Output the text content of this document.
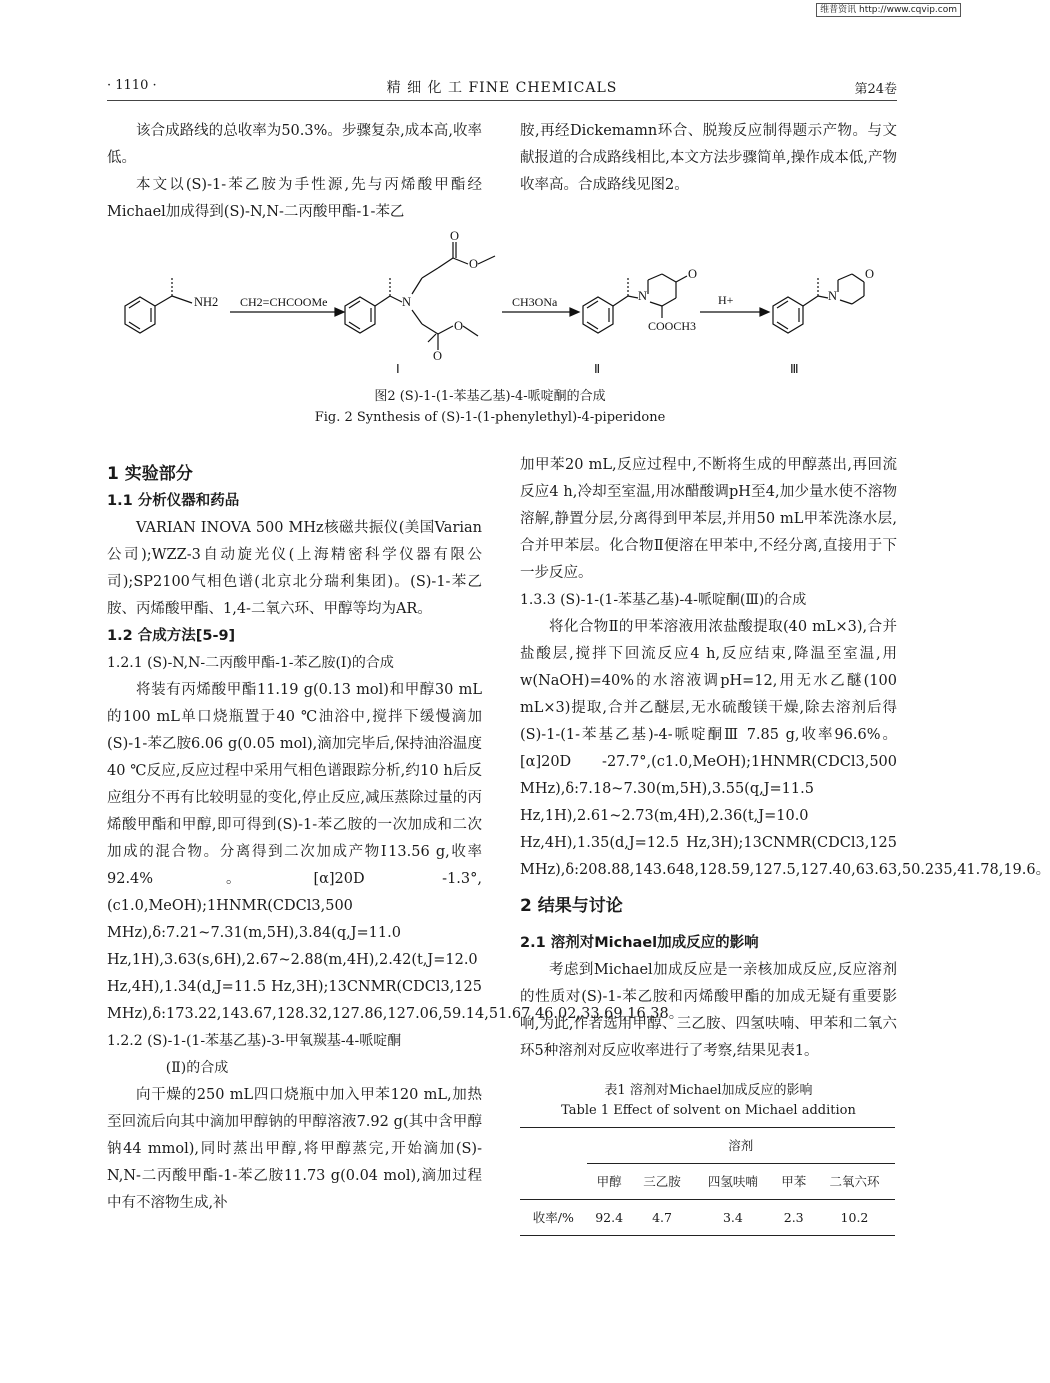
维普资讯 http://www.cqvip.com
· 1110 ·	精 细 化 工 FINE CHEMICALS	第24卷

该合成路线的总收率为50.3%。步骤复杂,成本高,收率低。

本文以(S)-1-苯乙胺为手性源,先与丙烯酸甲酯经Michael加成得到(S)-N,N-二丙酸甲酯-1-苯乙

胺,再经Dickemamn环合、脱羧反应制得题示产物。与文献报道的合成路线相比,本文方法步骤简单,操作成本低,产物收率高。合成路线见图2。

NH2 CH2=CHCOOMe	N
O
O
O
O
CH3ONa	N
O
COOCH3
H+	N
O
Ⅰ	Ⅱ	Ⅲ
图2 (S)-1-(1-苯基乙基)-4-哌啶酮的合成
Fig. 2 Synthesis of (S)-1-(1-phenylethyl)-4-piperidone

1 实验部分

1.1 分析仪器和药品

VARIAN INOVA 500 MHz核磁共振仪(美国Varian公司);WZZ-3自动旋光仪(上海精密科学仪器有限公司);SP2100气相色谱(北京北分瑞利集团)。(S)-1-苯乙胺、丙烯酸甲酯、1,4-二氧六环、甲醇等均为AR。

1.2 合成方法[5-9]

1.2.1 (S)-N,N-二丙酸甲酯-1-苯乙胺(Ⅰ)的合成

将装有丙烯酸甲酯11.19 g(0.13 mol)和甲醇30 mL的100 mL单口烧瓶置于40 ℃油浴中,搅拌下缓慢滴加(S)-1-苯乙胺6.06 g(0.05 mol),滴加完毕后,保持油浴温度40 ℃反应,反应过程中采用气相色谱跟踪分析,约10 h后反应组分不再有比较明显的变化,停止反应,减压蒸除过量的丙烯酸甲酯和甲醇,即可得到(S)-1-苯乙胺的一次加成和二次加成的混合物。分离得到二次加成产物Ⅰ13.56 g,收率92.4%。[α]20D -1.3°,(c1.0,MeOH);1HNMR(CDCl3,500 MHz),δ:7.21~7.31(m,5H),3.84(q,J=11.0 Hz,1H),3.63(s,6H),2.67~2.88(m,4H),2.42(t,J=12.0 Hz,4H),1.34(d,J=11.5 Hz,3H);13CNMR(CDCl3,125 MHz),δ:173.22,143.67,128.32,127.86,127.06,59.14,51.67,46.02,33.69,16.38。

1.2.2 (S)-1-(1-苯基乙基)-3-甲氧羰基-4-哌啶酮
(Ⅱ)的合成

向干燥的250 mL四口烧瓶中加入甲苯120 mL,加热至回流后向其中滴加甲醇钠的甲醇溶液7.92 g(其中含甲醇钠44 mmol),同时蒸出甲醇,将甲醇蒸完,开始滴加(S)-N,N-二丙酸甲酯-1-苯乙胺11.73 g(0.04 mol),滴加过程中有不溶物生成,补

加甲苯20 mL,反应过程中,不断将生成的甲醇蒸出,再回流反应4 h,冷却至室温,用冰醋酸调pH至4,加少量水使不溶物溶解,静置分层,分离得到甲苯层,并用50 mL甲苯洗涤水层,合并甲苯层。化合物Ⅱ便溶在甲苯中,不经分离,直接用于下一步反应。

1.3.3 (S)-1-(1-苯基乙基)-4-哌啶酮(Ⅲ)的合成

将化合物Ⅱ的甲苯溶液用浓盐酸提取(40 mL×3),合并盐酸层,搅拌下回流反应4 h,反应结束,降温至室温,用w(NaOH)=40%的水溶液调pH=12,用无水乙醚(100 mL×3)提取,合并乙醚层,无水硫酸镁干燥,除去溶剂后得(S)-1-(1-苯基乙基)-4-哌啶酮Ⅲ 7.85 g,收率96.6%。[α]20D -27.7°,(c1.0,MeOH);1HNMR(CDCl3,500 MHz),δ:7.18~7.30(m,5H),3.55(q,J=11.5 Hz,1H),2.61~2.73(m,4H),2.36(t,J=10.0 Hz,4H),1.35(d,J=12.5 Hz,3H);13CNMR(CDCl3,125 MHz),δ:208.88,143.648,128.59,127.5,127.40,63.63,50.235,41.78,19.6。

2 结果与讨论

2.1 溶剂对Michael加成反应的影响

考虑到Michael加成反应是一亲核加成反应,反应溶剂的性质对(S)-1-苯乙胺和丙烯酸甲酯的加成无疑有重要影响,为此,作者选用甲醇、三乙胺、四氢呋喃、甲苯和二氧六环5种溶剂对反应收率进行了考察,结果见表1。

表1 溶剂对Michael加成反应的影响
Table 1 Effect of solvent on Michael addition
	溶剂				
	甲醇	三乙胺	四氢呋喃	甲苯	二氧六环
收率/%	92.4	4.7	3.4	2.3	10.2
